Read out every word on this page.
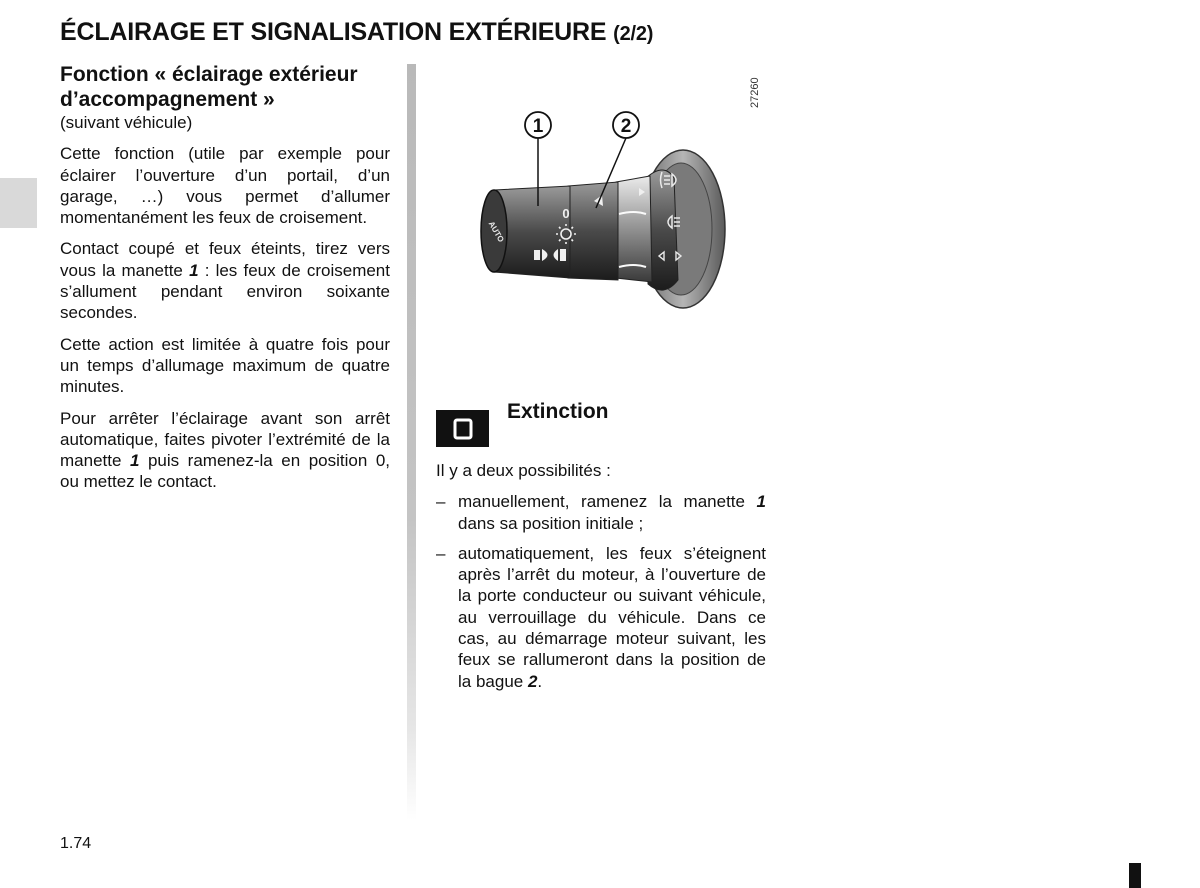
ÉCLAIRAGE ET SIGNALISATION EXTÉRIEURE (2/2)
Fonction « éclairage extérieur d’accompagnement »

(suivant véhicule)

Cette fonction (utile par exemple pour éclairer l’ouverture d’un portail, d’un garage, …) vous permet d’allumer momentanément les feux de croisement.

Contact coupé et feux éteints, tirez vers vous la manette 1 : les feux de croisement s’allument pendant environ soixante secondes.

Cette action est limitée à quatre fois pour un temps d’allumage maximum de quatre minutes.

Pour arrêter l’éclairage avant son arrêt automatique, faites pivoter l’extrémité de la manette 1 puis ramenez-la en position 0, ou mettez le contact.

27260
AUTO
0
1	2
Extinction

Il y a deux possibilités :

– manuellement, ramenez la manette 1 dans sa position initiale ;
– automatiquement, les feux s’éteignent après l’arrêt du moteur, à l’ouverture de la porte conducteur ou suivant véhicule, au verrouillage du véhicule. Dans ce cas, au démarrage moteur suivant, les feux se rallumeront dans la position de la bague 2.
1.74
